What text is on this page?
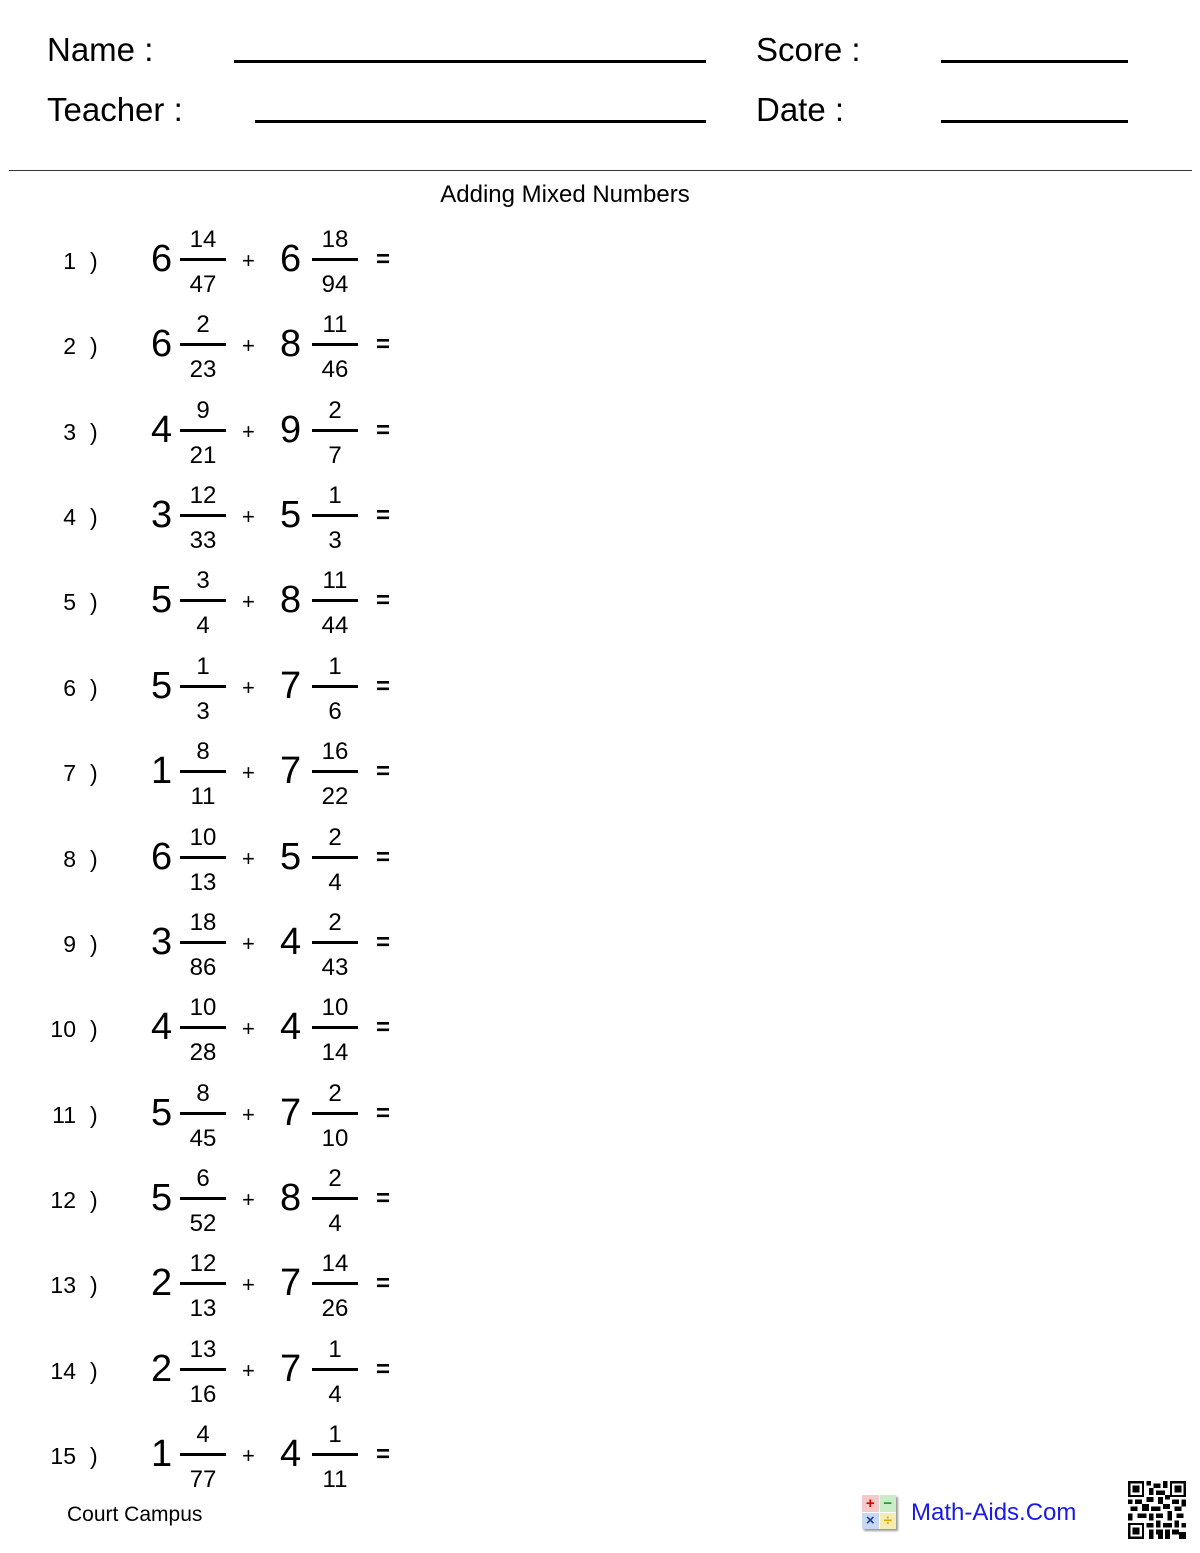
Name :
Teacher :
Score :
Date :
Adding Mixed Numbers
1 ) 6 14
47
+ 6 18
94
=
2 ) 6	2
23
+ 8 11
46
=
3 ) 4	9
21
+ 9	2
7
=
4 ) 3 12
33
+ 5	1
3
=
5 ) 5	3
4
+ 8 11
44
=
6 ) 5	1
3
+ 7	1
6
=
7 ) 1	8
11
+ 7 16
22
=
8 ) 6 10
13
+ 5	2
4
=
9 ) 3 18
86
+ 4	2
43
=
10 ) 4 10
28
+ 4 10
14
=
11 ) 5	8
45
+ 7	2
10
=
12 ) 5	6
52
+ 8	2
4
=
13 ) 2 12
13
+ 7 14
26
=
14 ) 2 13
16
+ 7	1
4
=
15 ) 1	4
77
+ 4	1
11
=
Court Campus	+ −
× ÷ Math-Aids.Com
